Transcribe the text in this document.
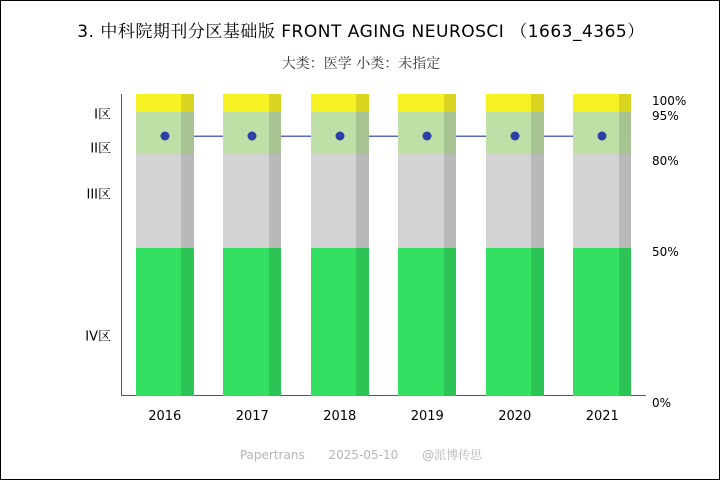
3. 中科院期刊分区基础版 FRONT AGING NEUROSCI （1663_4365）
大类：医学 小类：未指定
I区
II区
III区
IV区
100%
95%
80%
50%
0%
2016	2017	2018	2019	2020	2021
Papertrans 2025-05-10 @派博传思
